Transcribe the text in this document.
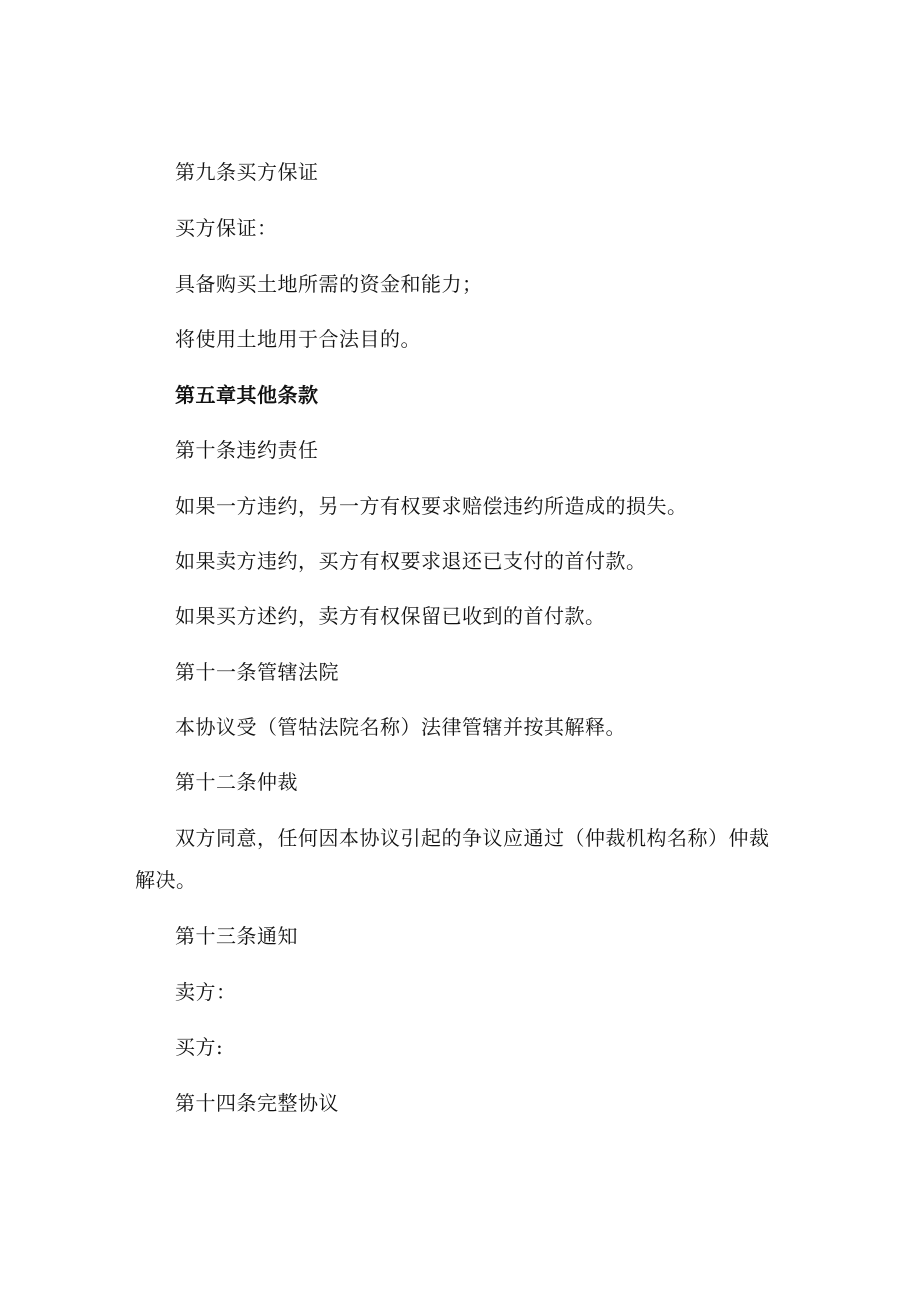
第九条买方保证
买方保证：
具备购买土地所需的资金和能力；
将使用土地用于合法目的。
第五章其他条款
第十条违约责任
如果一方违约，另一方有权要求赔偿违约所造成的损失。
如果卖方违约，买方有权要求退还已支付的首付款。
如果买方述约，卖方有权保留已收到的首付款。
第十一条管辖法院
本协议受（管牯法院名称）法律管辖并按其解释。
第十二条仲裁
双方同意，任何因本协议引起的争议应通过（仲裁机构名称）仲裁解决。
第十三条通知
卖方：
买方:
第十四条完整协议
